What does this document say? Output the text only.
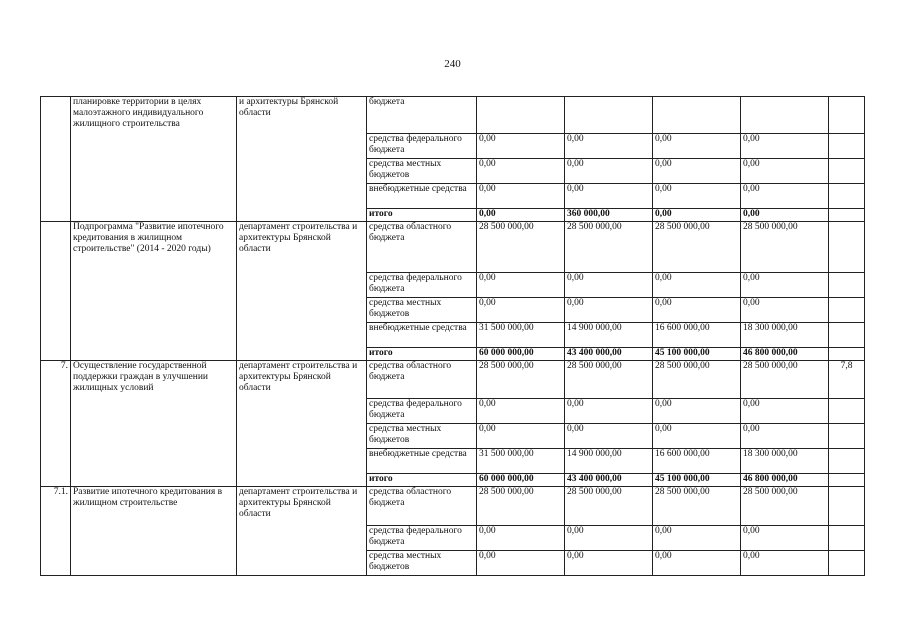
240
	планировке территории в целях малоэтажного индивидуального жилищного строительства	и архитектуры Брянской области	бюджета					
			средства федерального бюджета	0,00	0,00	0,00	0,00	
			средства местных бюджетов	0,00	0,00	0,00	0,00	
			внебюджетные средства	0,00	0,00	0,00	0,00	
			итого	0,00	360 000,00	0,00	0,00	
	Подпрограмма "Развитие ипотечного кредитования в жилищном строительстве" (2014 - 2020 годы)	департамент строительства и архитектуры Брянской области	средства областного бюджета	28 500 000,00	28 500 000,00	28 500 000,00	28 500 000,00	
			средства федерального бюджета	0,00	0,00	0,00	0,00	
			средства местных бюджетов	0,00	0,00	0,00	0,00	
			внебюджетные средства	31 500 000,00	14 900 000,00	16 600 000,00	18 300 000,00	
			итого	60 000 000,00	43 400 000,00	45 100 000,00	46 800 000,00	
7.	Осуществление государственной поддержки граждан в улучшении жилищных условий	департамент строительства и архитектуры Брянской области	средства областного бюджета	28 500 000,00	28 500 000,00	28 500 000,00	28 500 000,00	7,8
			средства федерального бюджета	0,00	0,00	0,00	0,00	
			средства местных бюджетов	0,00	0,00	0,00	0,00	
			внебюджетные средства	31 500 000,00	14 900 000,00	16 600 000,00	18 300 000,00	
			итого	60 000 000,00	43 400 000,00	45 100 000,00	46 800 000,00	
7.1.	Развитие ипотечного кредитования в жилищном строительстве	департамент строительства и архитектуры Брянской области	средства областного бюджета	28 500 000,00	28 500 000,00	28 500 000,00	28 500 000,00	
			средства федерального бюджета	0,00	0,00	0,00	0,00	
			средства местных бюджетов	0,00	0,00	0,00	0,00	
